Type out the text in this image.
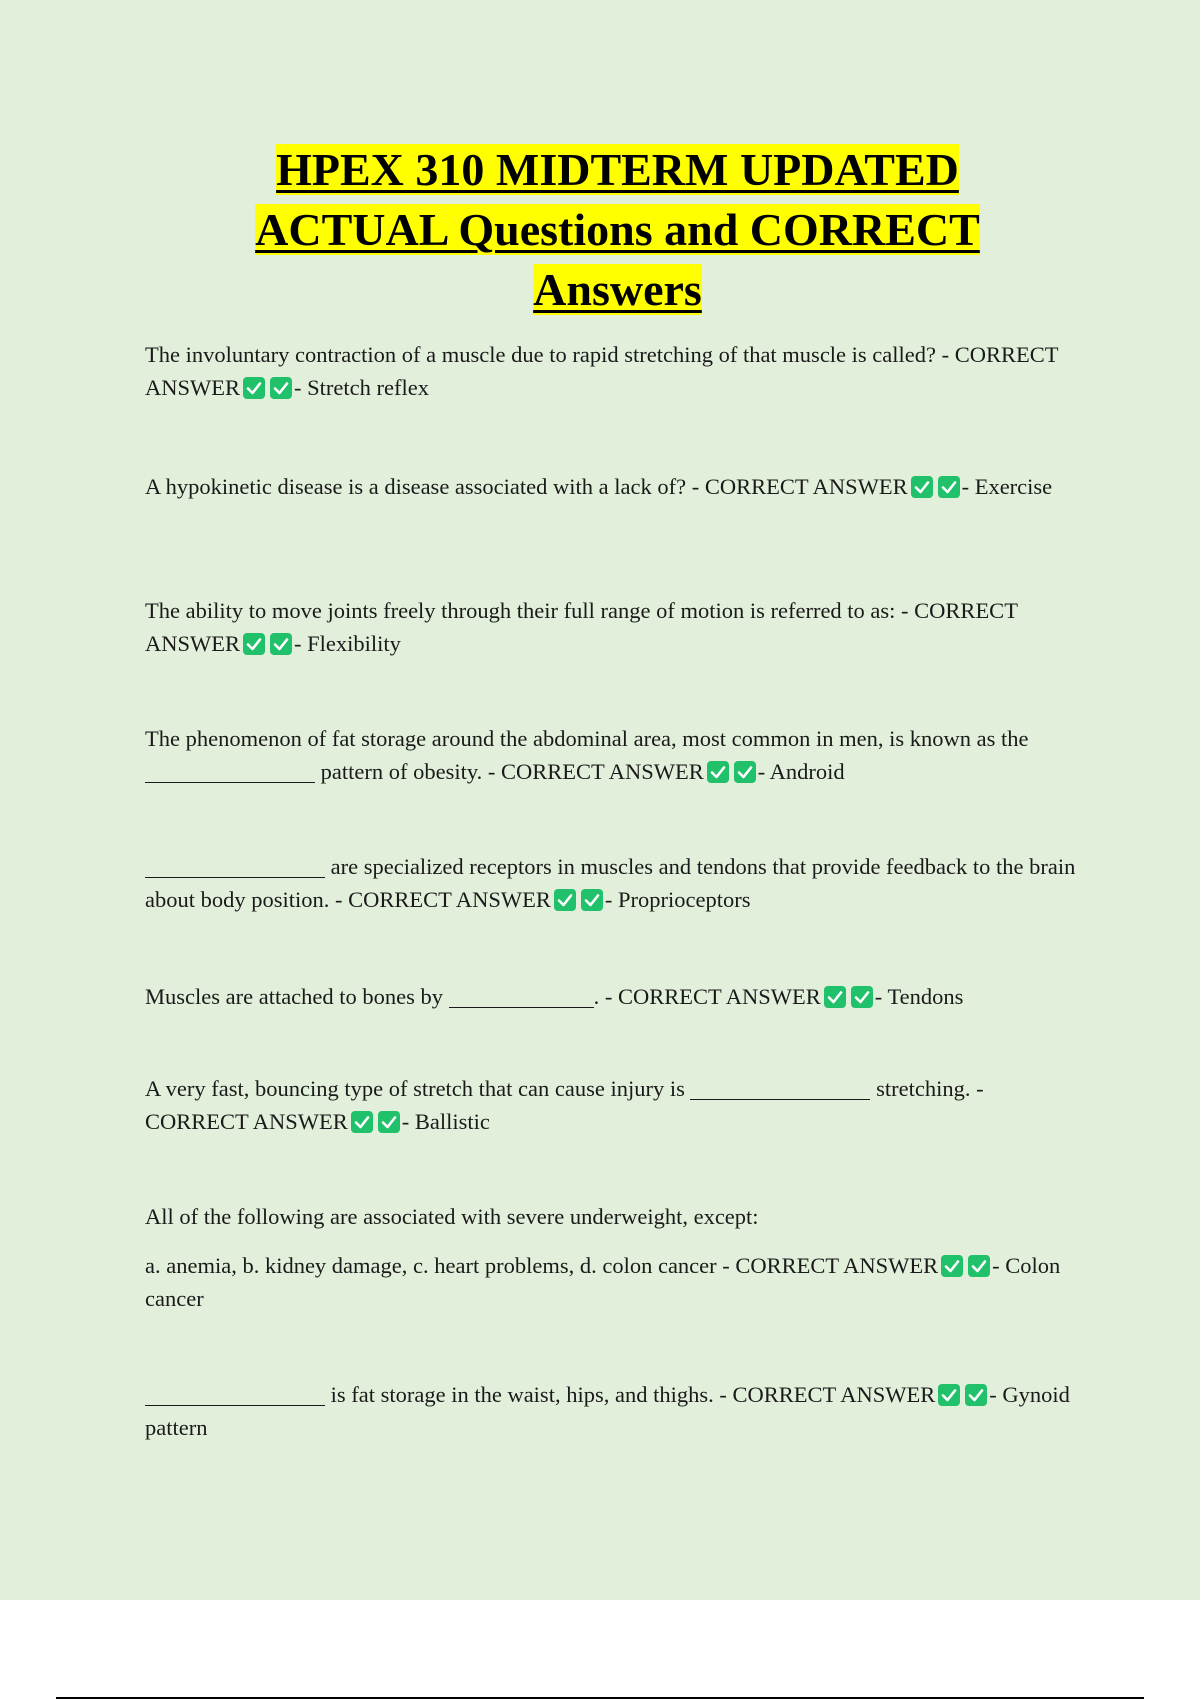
HPEX 310 MIDTERM UPDATED
ACTUAL Questions and CORRECT
Answers

The involuntary contraction of a muscle due to rapid stretching of that muscle is called? - CORRECT ANSWER - Stretch reflex

A hypokinetic disease is a disease associated with a lack of? - CORRECT ANSWER - Exercise

The ability to move joints freely through their full range of motion is referred to as: - CORRECT ANSWER - Flexibility

The phenomenon of fat storage around the abdominal area, most common in men, is known as the  pattern of obesity. - CORRECT ANSWER - Android

are specialized receptors in muscles and tendons that provide feedback to the brain about body position. - CORRECT ANSWER - Proprioceptors

Muscles are attached to bones by	. - CORRECT ANSWER - Tendons

A very fast, bouncing type of stretch that can cause injury is	stretching. - CORRECT ANSWER - Ballistic

All of the following are associated with severe underweight, except:

a. anemia, b. kidney damage, c. heart problems, d. colon cancer - CORRECT ANSWER - Colon cancer

is fat storage in the waist, hips, and thighs. - CORRECT ANSWER - Gynoid pattern
